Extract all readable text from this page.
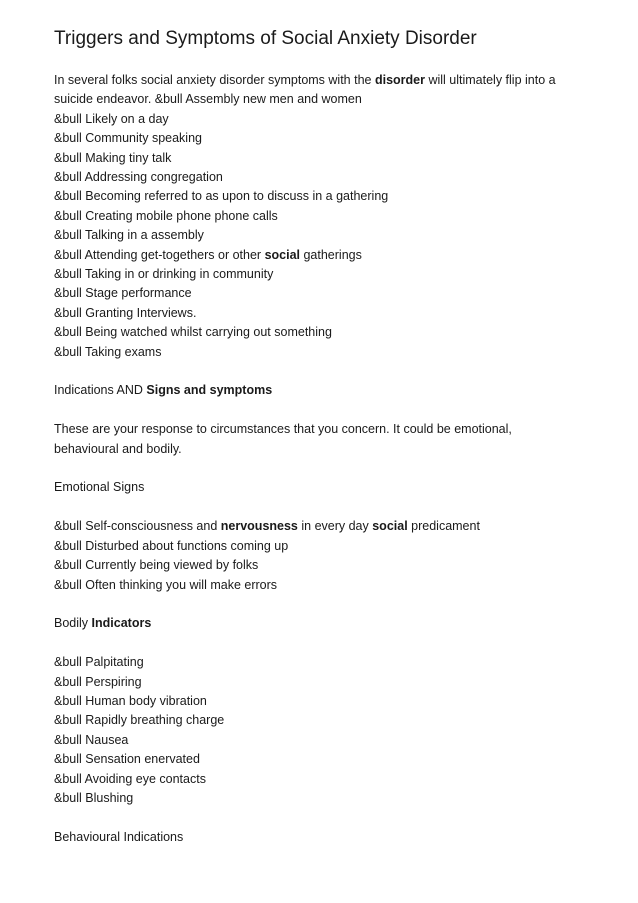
Triggers and Symptoms of Social Anxiety Disorder
In several folks social anxiety disorder symptoms with the disorder will ultimately flip into a
suicide endeavor. &bull Assembly new men and women
&bull Likely on a day
&bull Community speaking
&bull Making tiny talk
&bull Addressing congregation
&bull Becoming referred to as upon to discuss in a gathering
&bull Creating mobile phone phone calls
&bull Talking in a assembly
&bull Attending get-togethers or other social gatherings
&bull Taking in or drinking in community
&bull Stage performance
&bull Granting Interviews.
&bull Being watched whilst carrying out something
&bull Taking exams
Indications AND Signs and symptoms
These are your response to circumstances that you concern. It could be emotional,
behavioural and bodily.
Emotional Signs
&bull Self-consciousness and nervousness in every day social predicament
&bull Disturbed about functions coming up
&bull Currently being viewed by folks
&bull Often thinking you will make errors
Bodily Indicators
&bull Palpitating
&bull Perspiring
&bull Human body vibration
&bull Rapidly breathing charge
&bull Nausea
&bull Sensation enervated
&bull Avoiding eye contacts
&bull Blushing
Behavioural Indications
